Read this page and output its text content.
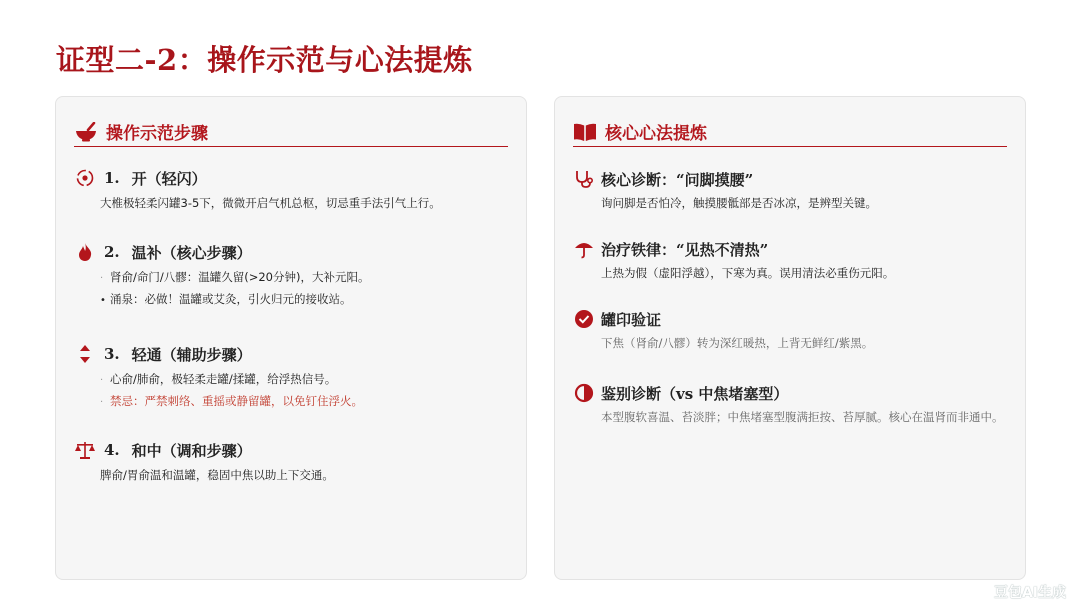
证型二-2：操作示范与心法提炼
操作示范步骤
1. 开（轻闪）
大椎极轻柔闪罐3-5下，微微开启气机总枢，切忌重手法引气上行。
2. 温补（核心步骤）
· 肾俞/命门/八髎：温罐久留(>20分钟)，大补元阳。
• 涌泉：必做！温罐或艾灸，引火归元的接收站。
3. 轻通（辅助步骤）
· 心俞/肺俞，极轻柔走罐/揉罐，给浮热信号。
· 禁忌：严禁刺络、重摇或静留罐，以免钉住浮火。
4. 和中（调和步骤）
脾俞/胃俞温和温罐，稳固中焦以助上下交通。
核心心法提炼
核心诊断：“问脚摸腰”
询问脚是否怕冷，触摸腰骶部是否冰凉，是辨型关键。
治疗铁律：“见热不清热”
上热为假（虚阳浮越），下寒为真。误用清法必重伤元阳。
罐印验证
下焦（肾俞/八髎）转为深红暖热，上背无鲜红/紫黑。
鉴别诊断（vs 中焦堵塞型）
本型腹软喜温、苔淡胖；中焦堵塞型腹满拒按、苔厚腻。核心在温肾而非通中。
豆包AI生成
